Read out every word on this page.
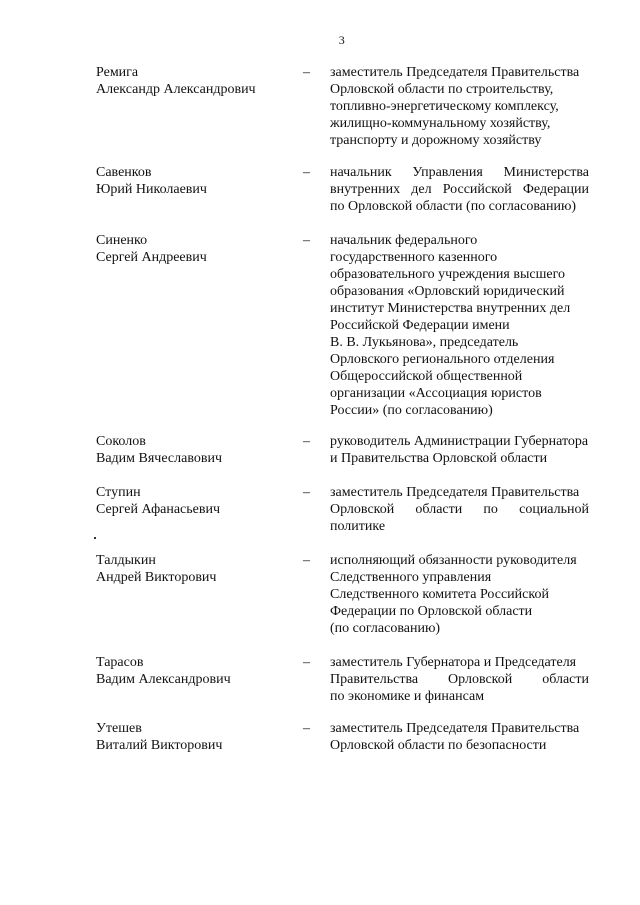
3
Ремига
Александр Александрович
– заместитель Председателя Правительства
Орловской области по строительству,
топливно-энергетическому комплексу,
жилищно-коммунальному хозяйству,
транспорту и дорожному хозяйству
Савенков
Юрий Николаевич
– начальник Управления Министерства
внутренних дел Российской Федерации
по Орловской области (по согласованию)
Синенко
Сергей Андреевич
– начальник федерального
государственного казенного
образовательного учреждения высшего
образования «Орловский юридический
институт Министерства внутренних дел
Российской Федерации имени
В. В. Лукьянова», председатель
Орловского регионального отделения
Общероссийской общественной
организации «Ассоциация юристов
России» (по согласованию)
Соколов
Вадим Вячеславович
– руководитель Администрации Губернатора
и Правительства Орловской области
Ступин
Сергей Афанасьевич
– заместитель Председателя Правительства
Орловской области по социальной
политике
Талдыкин
Андрей Викторович
– исполняющий обязанности руководителя
Следственного управления
Следственного комитета Российской
Федерации по Орловской области
(по согласованию)
Тарасов
Вадим Александрович
– заместитель Губернатора и Председателя
Правительства Орловской области
по экономике и финансам
Утешев
Виталий Викторович
– заместитель Председателя Правительства
Орловской области по безопасности
